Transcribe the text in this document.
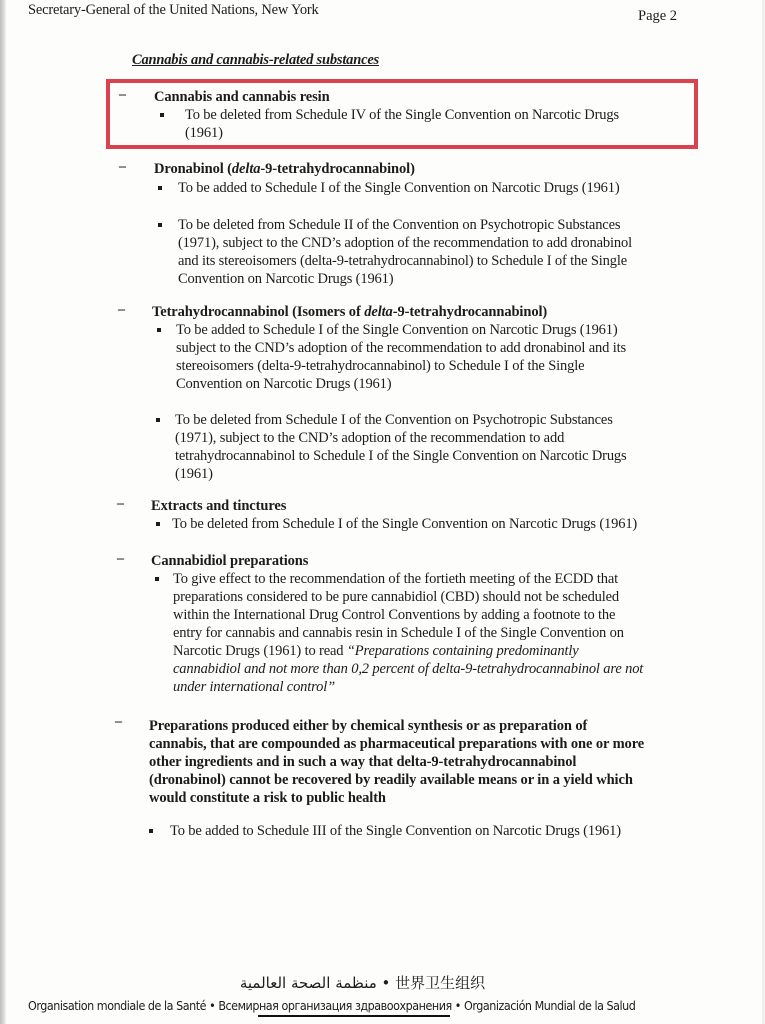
Secretary-General of the United Nations, New York	Page 2
Cannabis and cannabis-related substances
– Cannabis and cannabis resin
To be deleted from Schedule IV of the Single Convention on Narcotic Drugs
(1961)
– Dronabinol (delta-9-tetrahydrocannabinol)
To be added to Schedule I of the Single Convention on Narcotic Drugs (1961)
To be deleted from Schedule II of the Convention on Psychotropic Substances
(1971), subject to the CND’s adoption of the recommendation to add dronabinol
and its stereoisomers (delta-9-tetrahydrocannabinol) to Schedule I of the Single
Convention on Narcotic Drugs (1961)
– Tetrahydrocannabinol (Isomers of delta-9-tetrahydrocannabinol)
To be added to Schedule I of the Single Convention on Narcotic Drugs (1961)
subject to the CND’s adoption of the recommendation to add dronabinol and its
stereoisomers (delta-9-tetrahydrocannabinol) to Schedule I of the Single
Convention on Narcotic Drugs (1961)
To be deleted from Schedule I of the Convention on Psychotropic Substances
(1971), subject to the CND’s adoption of the recommendation to add
tetrahydrocannabinol to Schedule I of the Single Convention on Narcotic Drugs
(1961)
– Extracts and tinctures
To be deleted from Schedule I of the Single Convention on Narcotic Drugs (1961)
– Cannabidiol preparations
To give effect to the recommendation of the fortieth meeting of the ECDD that
preparations considered to be pure cannabidiol (CBD) should not be scheduled
within the International Drug Control Conventions by adding a footnote to the
entry for cannabis and cannabis resin in Schedule I of the Single Convention on
Narcotic Drugs (1961) to read “Preparations containing predominantly
cannabidiol and not more than 0,2 percent of delta-9-tetrahydrocannabinol are not
under international control”
– Preparations produced either by chemical synthesis or as preparation of
cannabis, that are compounded as pharmaceutical preparations with one or more
other ingredients and in such a way that delta-9-tetrahydrocannabinol
(dronabinol) cannot be recovered by readily available means or in a yield which
would constitute a risk to public health
To be added to Schedule III of the Single Convention on Narcotic Drugs (1961)
منظمة الصحة العالمية • 世界卫生组织
Organisation mondiale de la Santé • Всемирная организация здравоохранения • Organización Mundial de la Salud
